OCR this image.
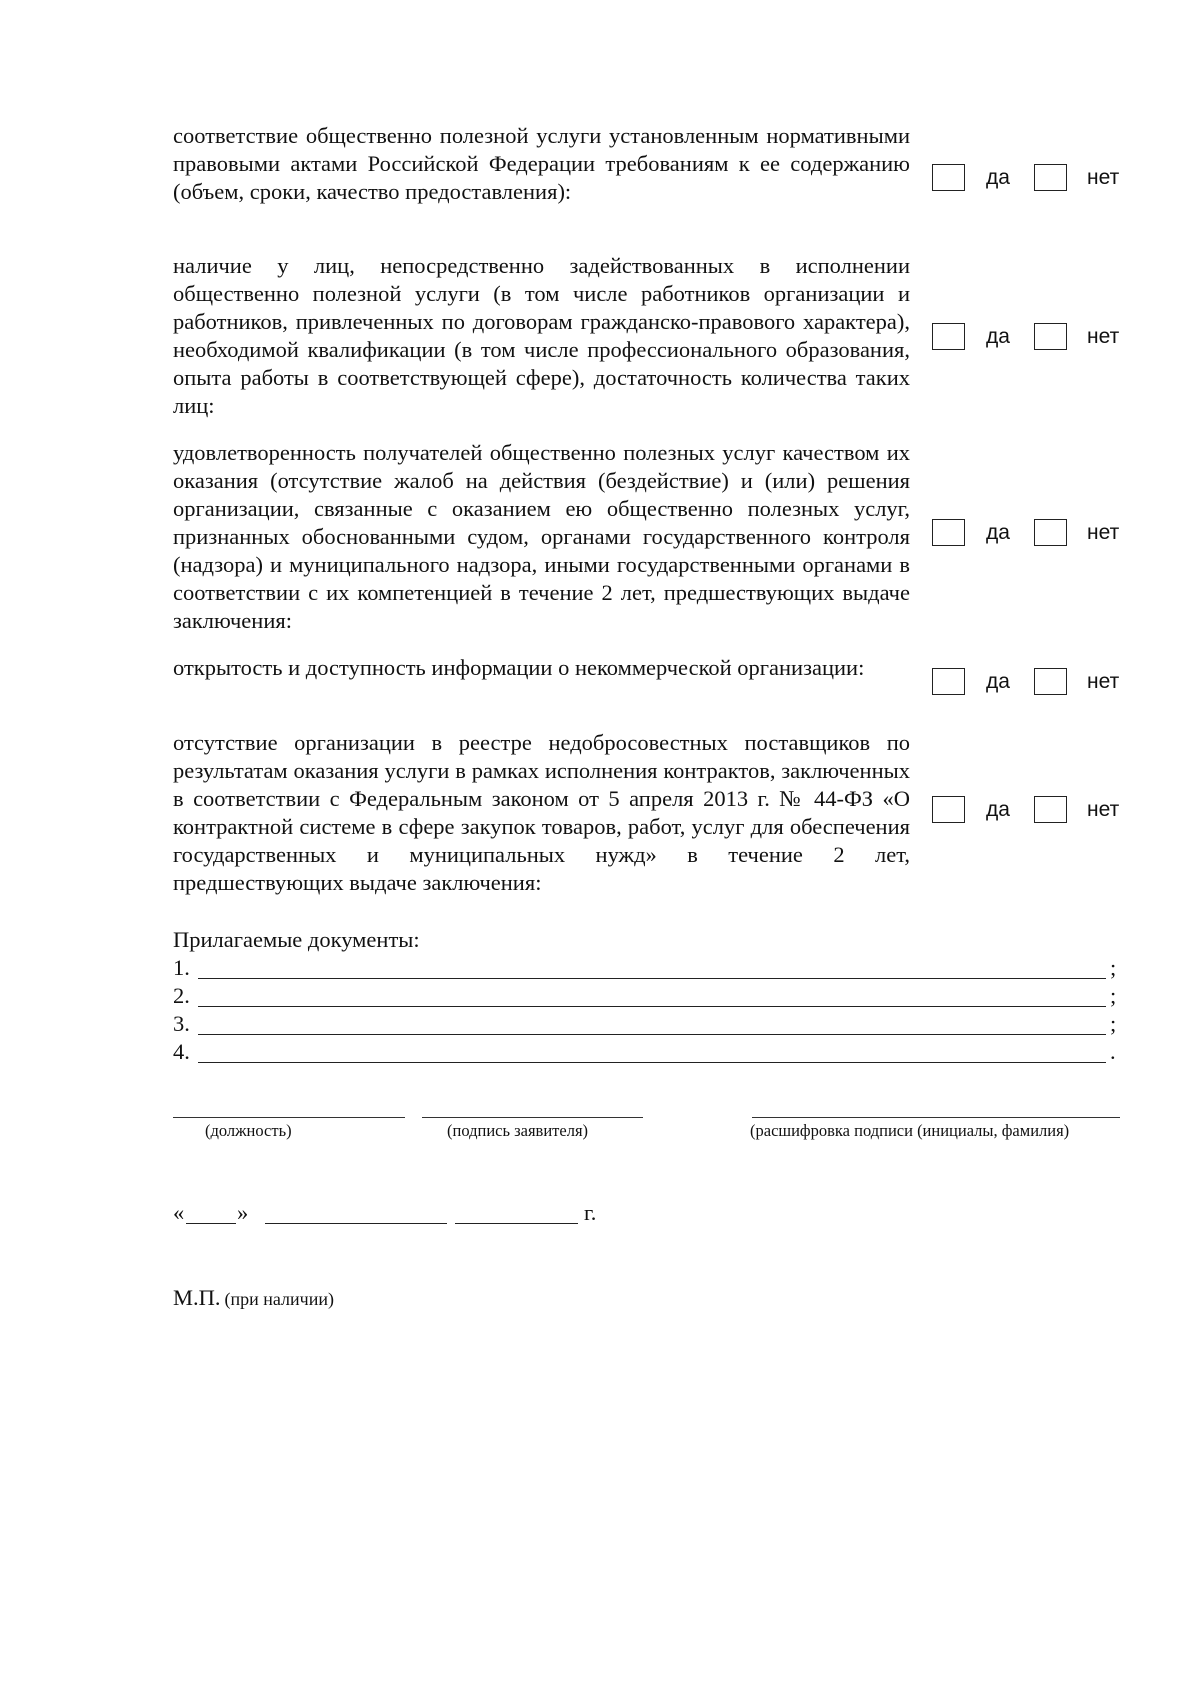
соответствие общественно полезной услуги установленным нормативными правовыми актами Российской Федерации требованиям к ее содержанию (объем, сроки, качество предоставления):
да	нет
наличие у лиц, непосредственно задействованных в исполнении общественно полезной услуги (в том числе работников организации и работников, привлеченных по договорам гражданско-правового характера), необходимой квалификации (в том числе профессионального образования, опыта работы в соответствующей сфере), достаточность количества таких лиц:
да	нет
удовлетворенность получателей общественно полезных услуг качеством их оказания (отсутствие жалоб на действия (бездействие) и (или) решения организации, связанные с оказанием ею общественно полезных услуг, признанных обоснованными судом, органами государственного контроля (надзора) и муниципального надзора, иными государственными органами в соответствии с их компетенцией в течение 2 лет, предшествующих выдаче заключения:
да	нет
открытость и доступность информации о некоммерческой организации:
да	нет
отсутствие организации в реестре недобросовестных поставщиков по результатам оказания услуги в рамках исполнения контрактов, заключенных в соответствии с Федеральным законом от 5 апреля 2013 г. № 44-ФЗ «О контрактной системе в сфере закупок товаров, работ, услуг для обеспечения государственных и муниципальных нужд» в течение 2 лет, предшествующих выдаче заключения:
да	нет
Прилагаемые документы:
1.	;
2.	;
3.	;
4.	.
(должность)	(подпись заявителя)	(расшифровка подписи (инициалы, фамилия)
« »	г.
М.П. (при наличии)
